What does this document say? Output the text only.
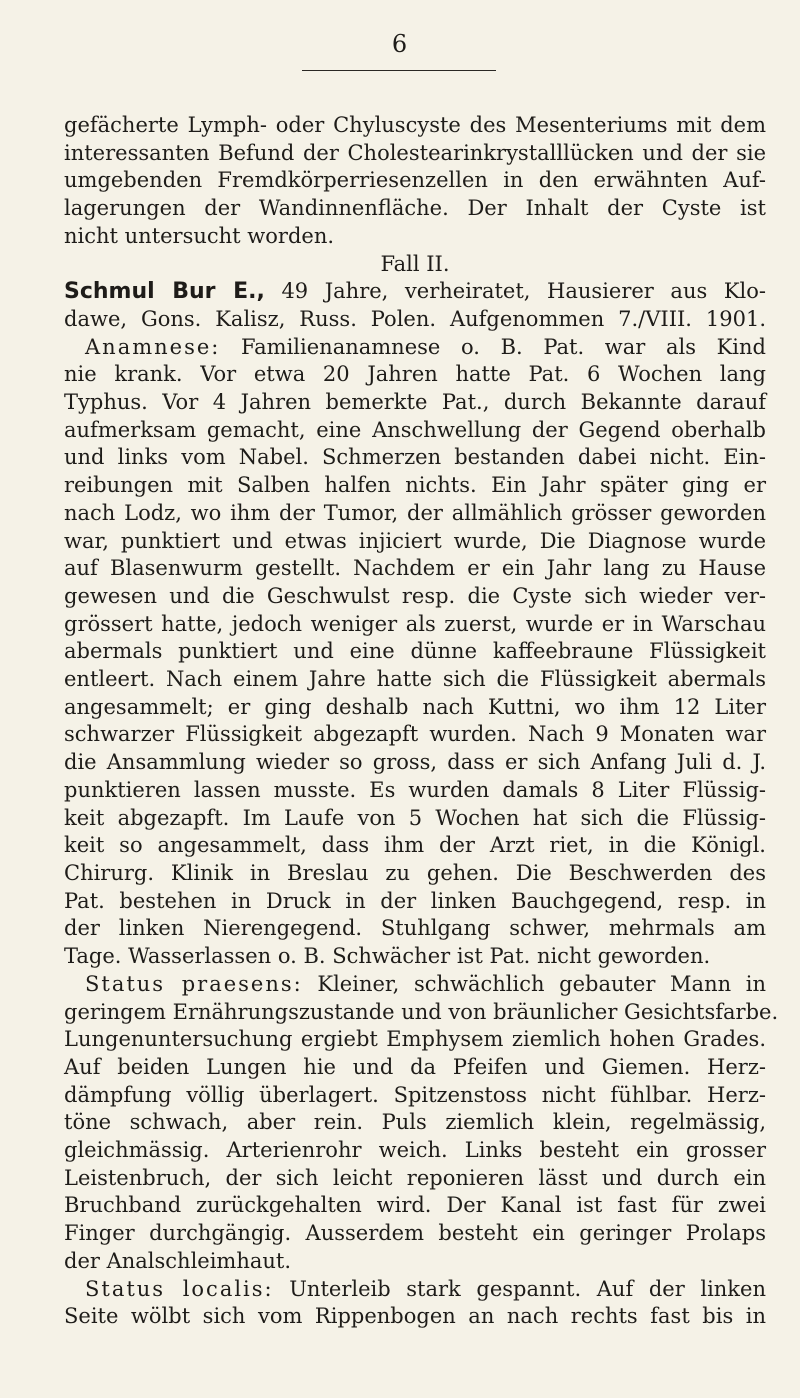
6
gefächerte Lymph- oder Chyluscyste des Mesenteriums mit dem
interessanten Befund der Cholestearinkrystalllücken und der sie
umgebenden Fremdkörperriesenzellen in den erwähnten Auf-
lagerungen der Wandinnenfläche. Der Inhalt der Cyste ist
nicht untersucht worden.
Fall II.
Schmul Bur E., 49 Jahre, verheiratet, Hausierer aus Klo-
dawe, Gons. Kalisz, Russ. Polen. Aufgenommen 7./VIII. 1901.
 Anamnese: Familienanamnese o. B. Pat. war als Kind
nie krank. Vor etwa 20 Jahren hatte Pat. 6 Wochen lang
Typhus. Vor 4 Jahren bemerkte Pat., durch Bekannte darauf
aufmerksam gemacht, eine Anschwellung der Gegend oberhalb
und links vom Nabel. Schmerzen bestanden dabei nicht. Ein-
reibungen mit Salben halfen nichts. Ein Jahr später ging er
nach Lodz, wo ihm der Tumor, der allmählich grösser geworden
war, punktiert und etwas injiciert wurde, Die Diagnose wurde
auf Blasenwurm gestellt. Nachdem er ein Jahr lang zu Hause
gewesen und die Geschwulst resp. die Cyste sich wieder ver-
grössert hatte, jedoch weniger als zuerst, wurde er in Warschau
abermals punktiert und eine dünne kaffeebraune Flüssigkeit
entleert. Nach einem Jahre hatte sich die Flüssigkeit abermals
angesammelt; er ging deshalb nach Kuttni, wo ihm 12 Liter
schwarzer Flüssigkeit abgezapft wurden. Nach 9 Monaten war
die Ansammlung wieder so gross, dass er sich Anfang Juli d. J.
punktieren lassen musste. Es wurden damals 8 Liter Flüssig-
keit abgezapft. Im Laufe von 5 Wochen hat sich die Flüssig-
keit so angesammelt, dass ihm der Arzt riet, in die Königl.
Chirurg. Klinik in Breslau zu gehen. Die Beschwerden des
Pat. bestehen in Druck in der linken Bauchgegend, resp. in
der linken Nierengegend. Stuhlgang schwer, mehrmals am
Tage. Wasserlassen o. B. Schwächer ist Pat. nicht geworden.
 Status praesens: Kleiner, schwächlich gebauter Mann in
geringem Ernährungszustande und von bräunlicher Gesichtsfarbe.
Lungenuntersuchung ergiebt Emphysem ziemlich hohen Grades.
Auf beiden Lungen hie und da Pfeifen und Giemen. Herz-
dämpfung völlig überlagert. Spitzenstoss nicht fühlbar. Herz-
töne schwach, aber rein. Puls ziemlich klein, regelmässig,
gleichmässig. Arterienrohr weich. Links besteht ein grosser
Leistenbruch, der sich leicht reponieren lässt und durch ein
Bruchband zurückgehalten wird. Der Kanal ist fast für zwei
Finger durchgängig. Ausserdem besteht ein geringer Prolaps
der Analschleimhaut.
 Status localis: Unterleib stark gespannt. Auf der linken
Seite wölbt sich vom Rippenbogen an nach rechts fast bis in
